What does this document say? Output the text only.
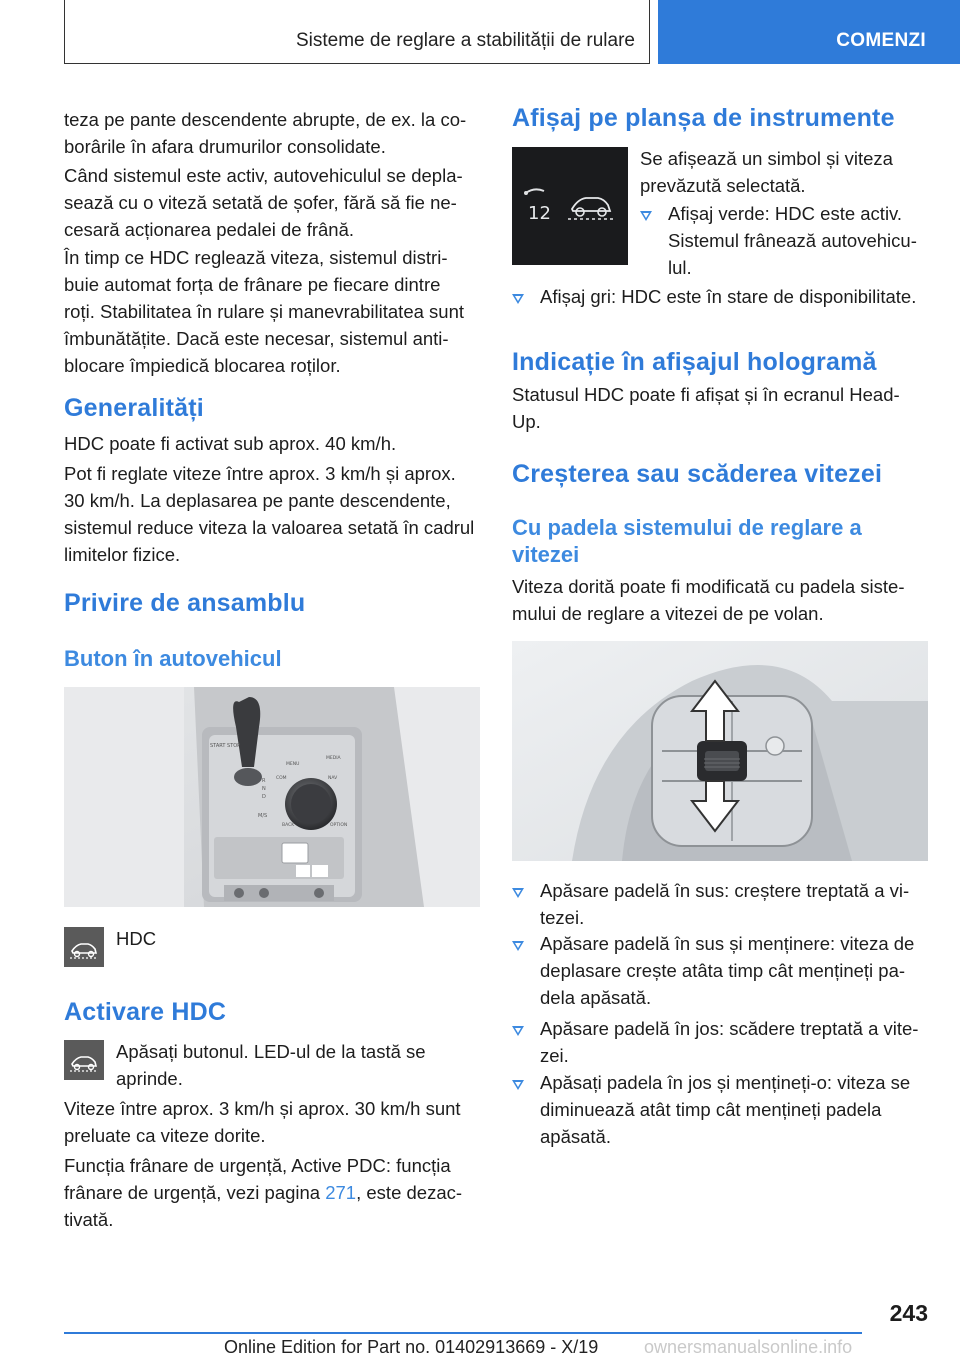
Sisteme de reglare a stabilității de rulare	COMENZI

teza pe pante descendente abrupte, de ex. la co-
borârile în afara drumurilor consolidate.

Când sistemul este activ, autovehiculul se depla-
sează cu o viteză setată de șofer, fără să fie ne-
cesară acționarea pedalei de frână.

În timp ce HDC reglează viteza, sistemul distri-
buie automat forța de frânare pe fiecare dintre
roți. Stabilitatea în rulare și manevrabilitatea sunt
îmbunătățite. Dacă este necesar, sistemul anti-
blocare împiedică blocarea roților.

Generalități

HDC poate fi activat sub aprox. 40 km/h.

Pot fi reglate viteze între aprox. 3 km/h și aprox.
30 km/h. La deplasarea pe pante descendente,
sistemul reduce viteza la valoarea setată în cadrul
limitelor fizice.

Privire de ansamblu
Buton în autovehicul
START STOP
R
N
D
M/S
MENU
COM	NAV
MEDIA
BACK	OPTION
HDC
Activare HDC

Apăsați butonul. LED-ul de la tastă se
aprinde.

Viteze între aprox. 3 km/h și aprox. 30 km/h sunt
preluate ca viteze dorite.

Funcția frânare de urgență, Active PDC: funcția
frânare de urgență, vezi pagina 271, este dezac-
tivată.

Afișaj pe planșa de instrumente
12

Se afișează un simbol și viteza
prevăzută selectată.

Afișaj verde: HDC este activ.
Sistemul frânează autovehicu-
lul.

Afișaj gri: HDC este în stare de disponibilitate.

Indicație în afișajul hologramă

Statusul HDC poate fi afișat și în ecranul Head-
Up.

Creșterea sau scăderea vitezei
Cu padela sistemului de reglare a
vitezei

Viteza dorită poate fi modificată cu padela siste-
mului de reglare a vitezei de pe volan.

Apăsare padelă în sus: creștere treptată a vi-
tezei.

Apăsare padelă în sus și menținere: viteza de
deplasare crește atâta timp cât mențineți pa-
dela apăsată.

Apăsare padelă în jos: scădere treptată a vite-
zei.

Apăsați padela în jos și mențineți-o: viteza se
diminuează atât timp cât mențineți padela
apăsată.

243
Online Edition for Part no. 01402913669 - X/19	ownersmanualsonline.info
